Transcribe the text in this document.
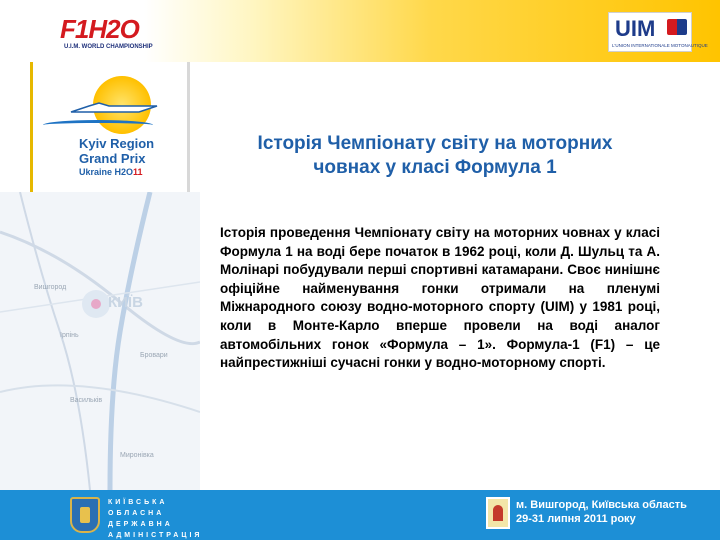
F1H2O
U.I.M. WORLD CHAMPIONSHIP
UIM
L'UNION INTERNATIONALE MOTONAUTIQUE
Kyiv Region
Grand Prix
Ukraine H2O11
КИЇВ
Вишгород
Ірпінь
Бровари
Васильків
Миронівка
Історія Чемпіонату світу на моторних
човнах у класі Формула 1
Історія проведення Чемпіонату світу на моторних човнах у класі Формула 1 на воді бере початок в 1962 році, коли Д. Шульц та А. Молінарі побудували перші спортивні катамарани. Своє нинішнє офіційне найменування гонки отримали на пленумі Міжнародного союзу водно-моторного спорту (UIM) у 1981 році, коли в Монте-Карло вперше провели на воді аналог автомобільних гонок «Формула – 1». Формула-1 (F1) – це найпрестижніші сучасні гонки у водно-моторному спорті.
КИЇВСЬКА
ОБЛАСНА
ДЕРЖАВНА
АДМІНІСТРАЦІЯ
м. Вишгород, Київська область
29-31 липня 2011 року
